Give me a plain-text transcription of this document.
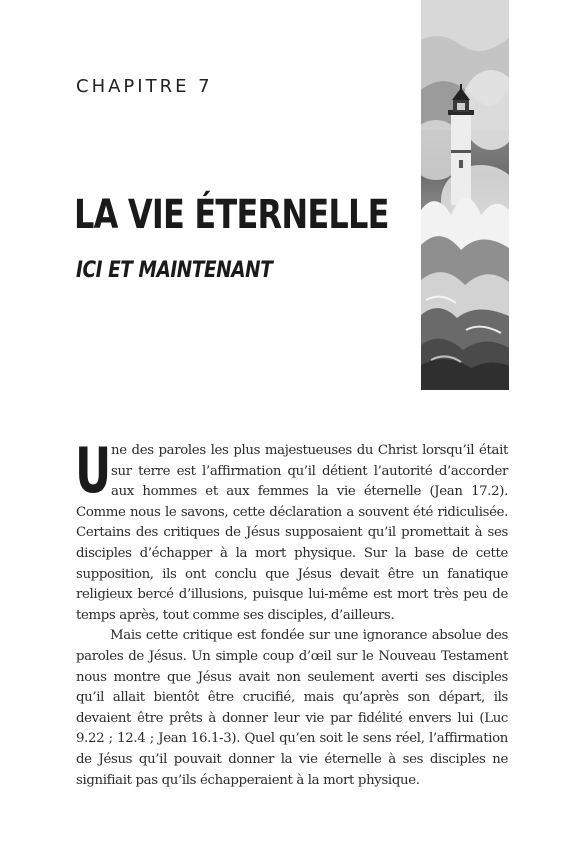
CHAPITRE 7
LA VIE ÉTERNELLE
ICI ET MAINTENANT

Une des paroles les plus majestueuses du Christ lorsqu’il était sur terre est l’affirmation qu’il détient l’autorité d’accorder aux hommes et aux femmes la vie éternelle (Jean 17.2). Comme nous le savons, cette déclaration a souvent été ridiculisée. Certains des critiques de Jésus supposaient qu’il promettait à ses disciples d’échapper à la mort physique. Sur la base de cette supposition, ils ont conclu que Jésus devait être un fanatique religieux bercé d’illusions, puisque lui-même est mort très peu de temps après, tout comme ses disciples, d’ailleurs.

Mais cette critique est fondée sur une ignorance absolue des paroles de Jésus. Un simple coup d’œil sur le Nouveau Testament nous montre que Jésus avait non seulement averti ses disciples qu’il allait bientôt être crucifié, mais qu’après son départ, ils devaient être prêts à donner leur vie par fidélité envers lui (Luc 9.22 ; 12.4 ; Jean 16.1-3). Quel qu’en soit le sens réel, l’affirmation de Jésus qu’il pouvait donner la vie éternelle à ses disciples ne signifiait pas qu’ils échapperaient à la mort physique.
